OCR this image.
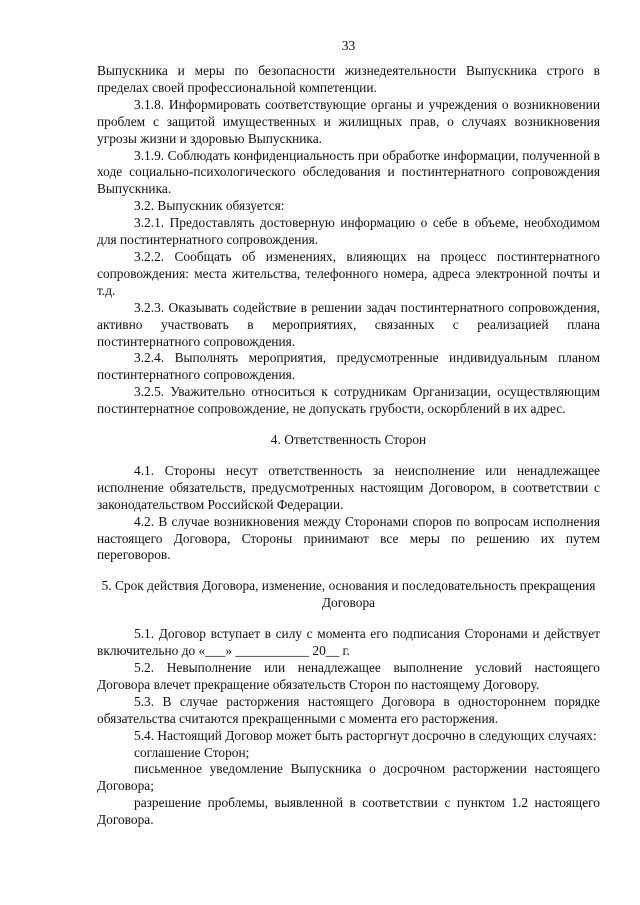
33

Выпускника и меры по безопасности жизнедеятельности Выпускника строго в пределах своей профессиональной компетенции.

3.1.8. Информировать соответствующие органы и учреждения о возникновении проблем с защитой имущественных и жилищных прав, о случаях возникновения угрозы жизни и здоровью Выпускника.

3.1.9. Соблюдать конфиденциальность при обработке информации, полученной в ходе социально-психологического обследования и постинтернатного сопровождения Выпускника.

3.2. Выпускник обязуется:

3.2.1. Предоставлять достоверную информацию о себе в объеме, необходимом для постинтернатного сопровождения.

3.2.2. Сообщать об изменениях, влияющих на процесс постинтернатного сопровождения: места жительства, телефонного номера, адреса электронной почты и т.д.

3.2.3. Оказывать содействие в решении задач постинтернатного сопровождения, активно участвовать в мероприятиях, связанных с реализацией плана постинтернатного сопровождения.

3.2.4. Выполнять мероприятия, предусмотренные индивидуальным планом постинтернатного сопровождения.

3.2.5. Уважительно относиться к сотрудникам Организации, осуществляющим постинтернатное сопровождение, не допускать грубости, оскорблений в их адрес.

4. Ответственность Сторон

4.1. Стороны несут ответственность за неисполнение или ненадлежащее исполнение обязательств, предусмотренных настоящим Договором, в соответствии с законодательством Российской Федерации.

4.2. В случае возникновения между Сторонами споров по вопросам исполнения настоящего Договора, Стороны принимают все меры по решению их путем переговоров.

5. Срок действия Договора, изменение, основания и последовательность прекращения Договора

5.1. Договор вступает в силу с момента его подписания Сторонами и действует включительно до «___» ___________ 20__ г.

5.2. Невыполнение или ненадлежащее выполнение условий настоящего Договора влечет прекращение обязательств Сторон по настоящему Договору.

5.3. В случае расторжения настоящего Договора в одностороннем порядке обязательства считаются прекращенными с момента его расторжения.

5.4. Настоящий Договор может быть расторгнут досрочно в следующих случаях:

соглашение Сторон;

письменное уведомление Выпускника о досрочном расторжении настоящего Договора;

разрешение проблемы, выявленной в соответствии с пунктом 1.2 настоящего Договора.
